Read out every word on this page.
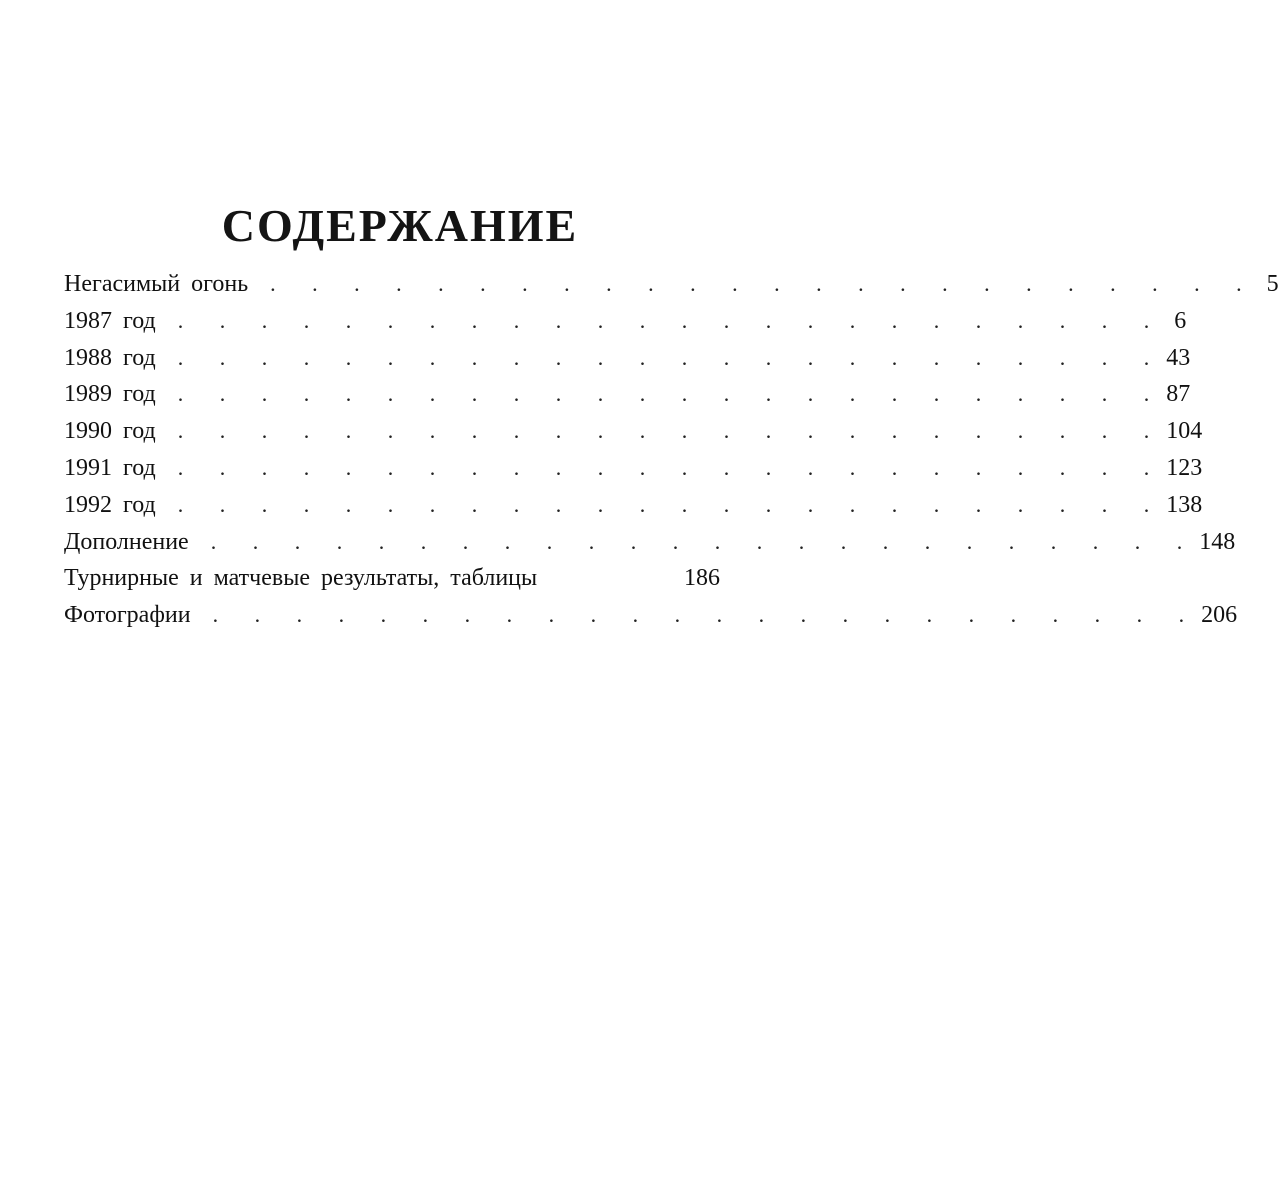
СОДЕРЖАНИЕ
Негасимый огонь	. . . . . . . . . . . . . . . . . . . . . . . . 5
1987 год	. . . . . . . . . . . . . . . . . . . . . . . . 6
1988 год	. . . . . . . . . . . . . . . . . . . . . . . . 43
1989 год	. . . . . . . . . . . . . . . . . . . . . . . . 87
1990 год	. . . . . . . . . . . . . . . . . . . . . . . . 104
1991 год	. . . . . . . . . . . . . . . . . . . . . . . . 123
1992 год	. . . . . . . . . . . . . . . . . . . . . . . . 138
Дополнение	. . . . . . . . . . . . . . . . . . . . . . . . 148
Турнирные и матчевые результаты, таблицы	186
Фотографии	. . . . . . . . . . . . . . . . . . . . . . . . 206
